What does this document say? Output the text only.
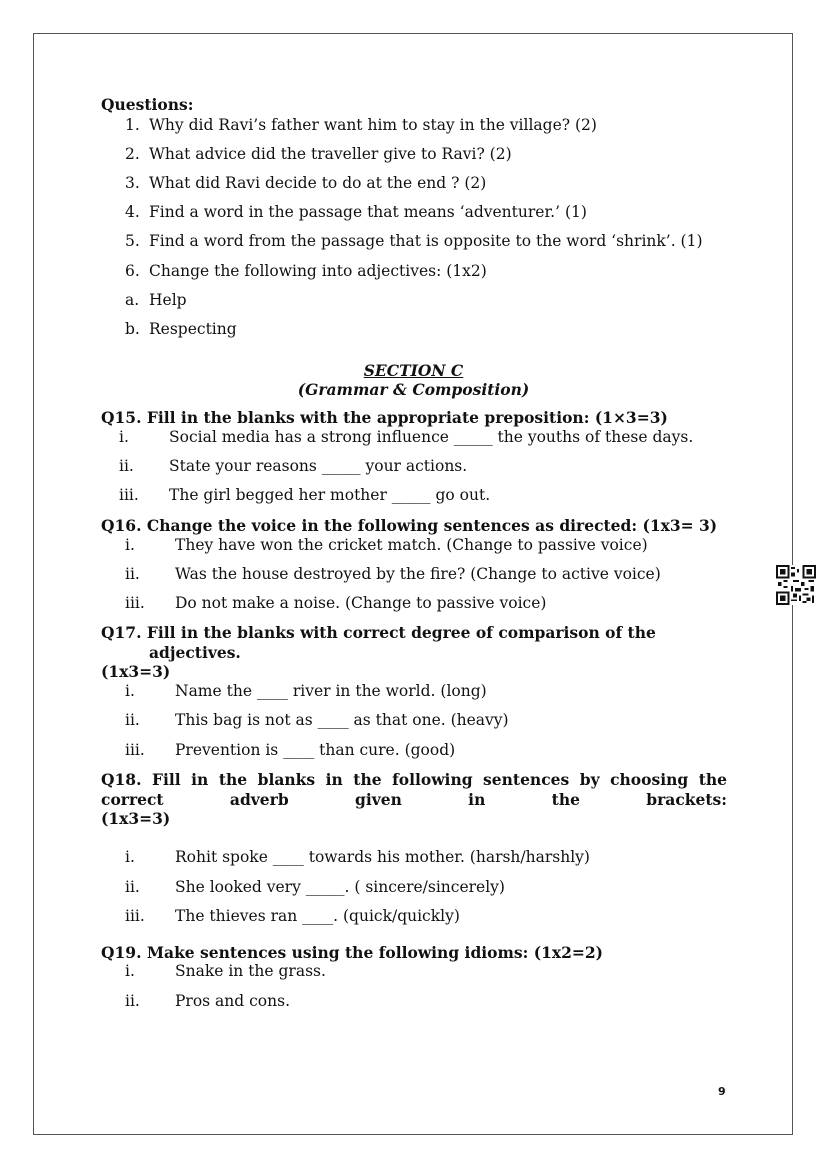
Questions:
1. Why did Ravi’s father want him to stay in the village? (2)
2. What advice did the traveller give to Ravi? (2)
3. What did Ravi decide to do at the end ? (2)
4. Find a word in the passage that means ‘adventurer.’ (1)
5. Find a word from the passage that is opposite to the word ‘shrink’. (1)
6. Change the following into adjectives: (1x2)
a. Help
b. Respecting
SECTION C
(Grammar & Composition)
Q15. Fill in the blanks with the appropriate preposition: (1×3=3)
i.	Social media has a strong influence _____ the youths of these days.
ii. State your reasons _____ your actions.
iii. The girl begged her mother _____ go out.
Q16. Change the voice in the following sentences as directed: (1x3= 3)
i.	They have won the cricket match. (Change to passive voice)
ii. Was the house destroyed by the fire? (Change to active voice)
iii. Do not make a noise. (Change to passive voice)
Q17. Fill in the blanks with correct degree of comparison of the
adjectives.
(1x3=3)
i.	Name the ____ river in the world. (long)
ii. This bag is not as ____ as that one. (heavy)
iii. Prevention is ____ than cure. (good)
Q18. Fill in the blanks in the following sentences by choosing the
correct adverb given in the brackets:
(1x3=3)
i.	Rohit spoke ____ towards his mother. (harsh/harshly)
ii. She looked very _____. ( sincere/sincerely)
iii. The thieves ran ____. (quick/quickly)
Q19. Make sentences using the following idioms: (1x2=2)
i.	Snake in the grass.
ii. Pros and cons.
9
